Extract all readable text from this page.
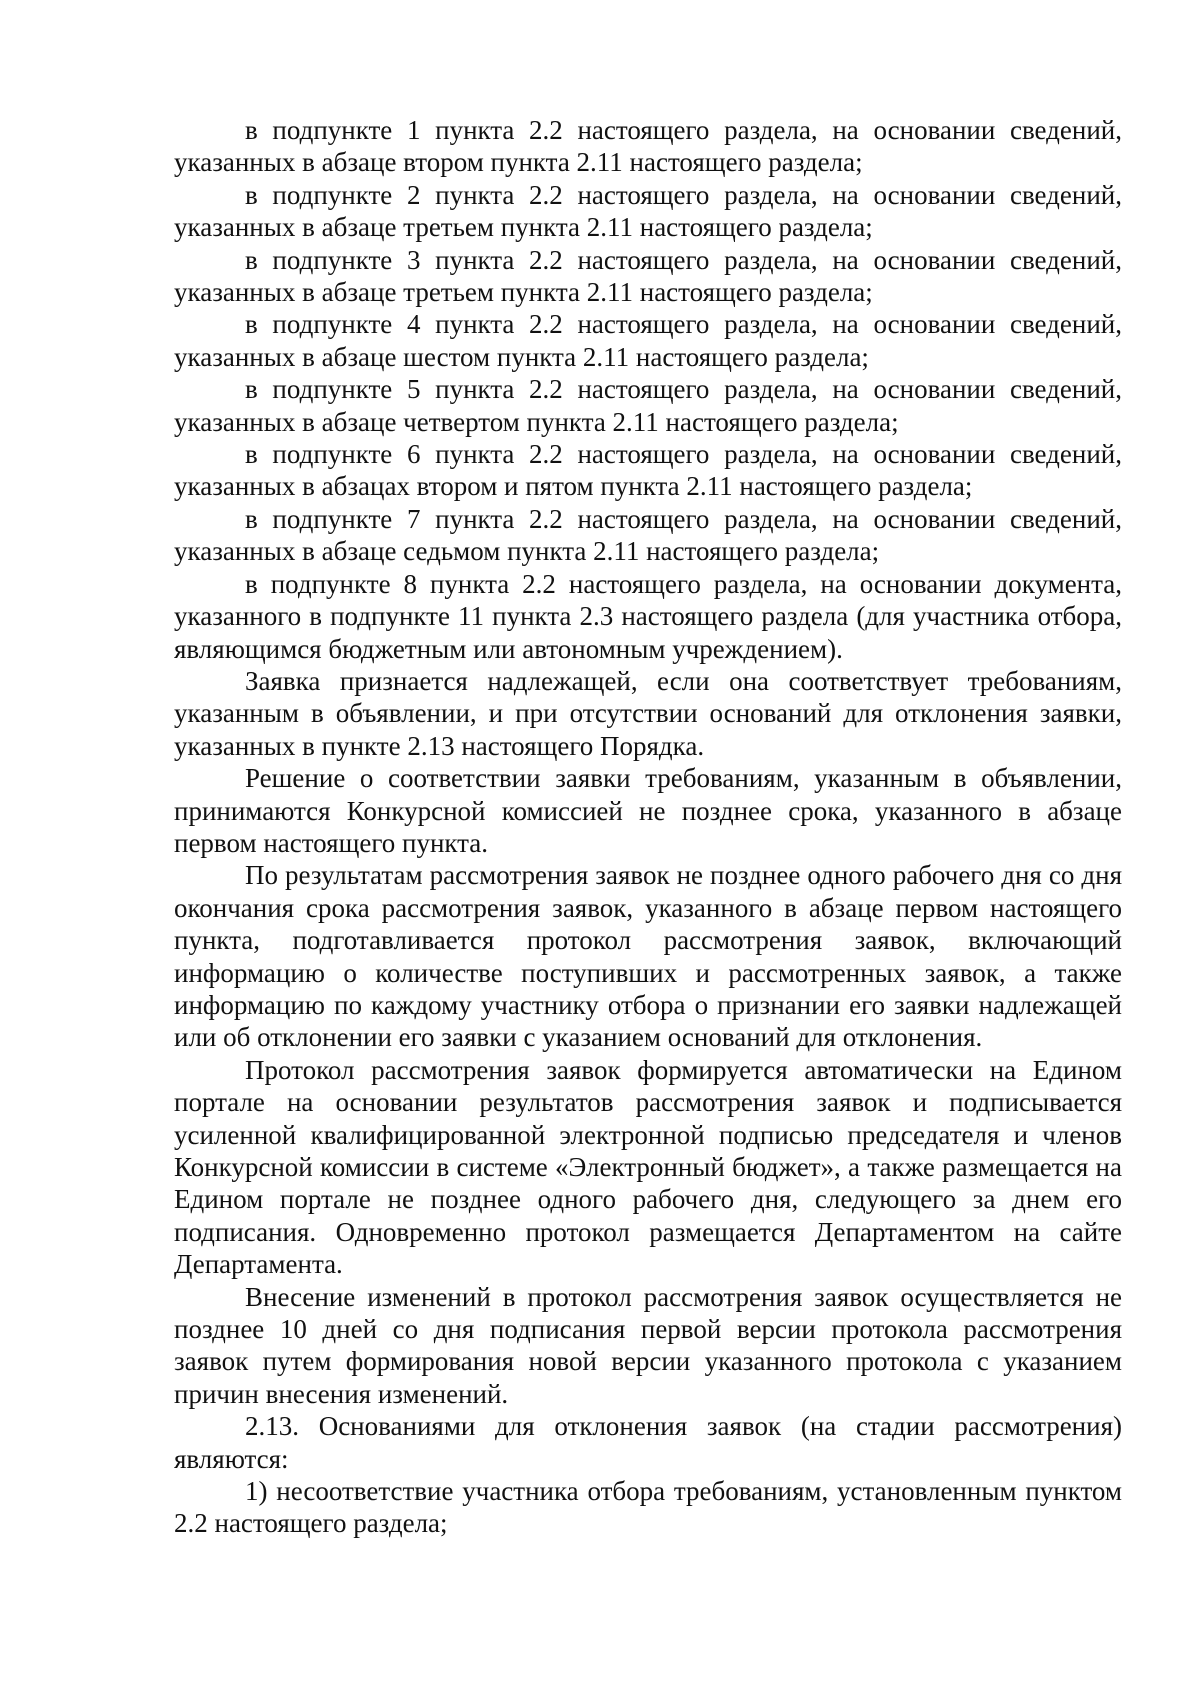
в подпункте 1 пункта 2.2 настоящего раздела, на основании сведений, указанных в абзаце втором пункта 2.11 настоящего раздела;

в подпункте 2 пункта 2.2 настоящего раздела, на основании сведений, указанных в абзаце третьем пункта 2.11 настоящего раздела;

в подпункте 3 пункта 2.2 настоящего раздела, на основании сведений, указанных в абзаце третьем пункта 2.11 настоящего раздела;

в подпункте 4 пункта 2.2 настоящего раздела, на основании сведений, указанных в абзаце шестом пункта 2.11 настоящего раздела;

в подпункте 5 пункта 2.2 настоящего раздела, на основании сведений, указанных в абзаце четвертом пункта 2.11 настоящего раздела;

в подпункте 6 пункта 2.2 настоящего раздела, на основании сведений, указанных в абзацах втором и пятом пункта 2.11 настоящего раздела;

в подпункте 7 пункта 2.2 настоящего раздела, на основании сведений, указанных в абзаце седьмом пункта 2.11 настоящего раздела;

в подпункте 8 пункта 2.2 настоящего раздела, на основании документа, указанного в подпункте 11 пункта 2.3 настоящего раздела (для участника отбора, являющимся бюджетным или автономным учреждением).

Заявка признается надлежащей, если она соответствует требованиям, указанным в объявлении, и при отсутствии оснований для отклонения заявки, указанных в пункте 2.13 настоящего Порядка.

Решение о соответствии заявки требованиям, указанным в объявлении, принимаются Конкурсной комиссией не позднее срока, указанного в абзаце первом настоящего пункта.

По результатам рассмотрения заявок не позднее одного рабочего дня со дня окончания срока рассмотрения заявок, указанного в абзаце первом настоящего пункта, подготавливается протокол рассмотрения заявок, включающий информацию о количестве поступивших и рассмотренных заявок, а также информацию по каждому участнику отбора о признании его заявки надлежащей или об отклонении его заявки с указанием оснований для отклонения.

Протокол рассмотрения заявок формируется автоматически на Едином портале на основании результатов рассмотрения заявок и подписывается усиленной квалифицированной электронной подписью председателя и членов Конкурсной комиссии в системе «Электронный бюджет», а также размещается на Едином портале не позднее одного рабочего дня, следующего за днем его подписания. Одновременно протокол размещается Департаментом на сайте Департамента.

Внесение изменений в протокол рассмотрения заявок осуществляется не позднее 10 дней со дня подписания первой версии протокола рассмотрения заявок путем формирования новой версии указанного протокола с указанием причин внесения изменений.

2.13. Основаниями для отклонения заявок (на стадии рассмотрения) являются:

1) несоответствие участника отбора требованиям, установленным пунктом 2.2 настоящего раздела;
